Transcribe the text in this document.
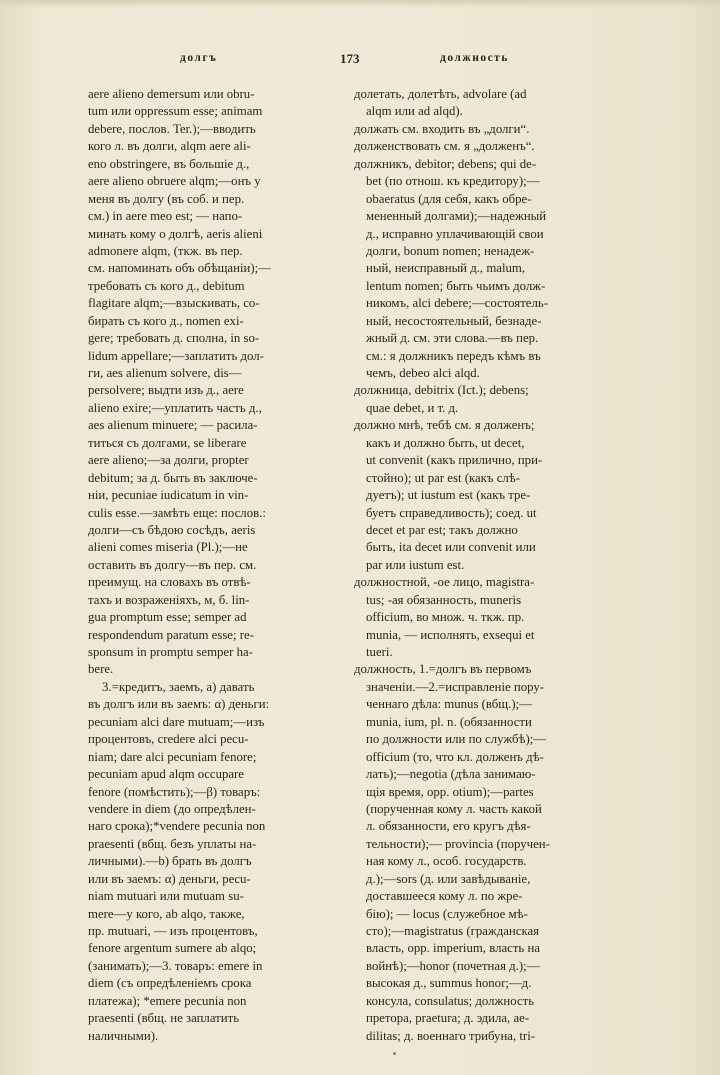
долгъ	173	должность
aere alieno demersum или obru-
tum или oppressum esse; animam
debere, послов. Ter.);—вводить
кого л. въ долги, alqm aere ali-
eno obstringere, въ большіе д.,
aere alieno obruere alqm;—онъ у
меня въ долгу (въ соб. и пер.
см.) in aere meo est; — напо-
минать кому о долгѣ, aeris alieni
admonere alqm, (ткж. въ пер.
см. напоминать объ обѣщаніи);—
требовать съ кого д., debitum
flagitare alqm;—взыскивать, со-
бирать съ кого д., nomen exi-
gere; требовать д. сполна, in so-
lidum appellare;—заплатить дол-
ги, aes alienum solvere, dis—
persolvere; выдти изъ д., aere
alieno exire;—уплатить часть д.,
aes alienum minuere; — расила-
титься съ долгами, se liberare
aere alieno;—за долги, propter
debitum; за д. быть въ заключе-
ніи, pecuniae iudicatum in vin-
culis esse.—замѣть еще: послов.:
долги—съ бѣдою сосѣдъ, aeris
alieni comes miseria (Pl.);—не
оставить въ долгу—въ пер. см.
преимущ. на словахъ въ отвѣ-
тахъ и возраженіяхъ, м, б. lin-
gua promptum esse; semper ad
respondendum paratum esse; re-
sponsum in promptu semper ha-
bere.
3.=кредитъ, заемъ, a) давать
въ долгъ или въ заемъ: α) деньги:
pecuniam alci dare mutuam;—изъ
процентовъ, credere alci pecu-
niam; dare alci pecuniam fenore;
pecuniam apud alqm occupare
fenore (помѣстить);—β) товаръ:
vendere in diem (до опредѣлен-
наго срока);*vendere pecunia non
praesenti (вбщ. безъ уплаты на-
личными).—b) брать въ долгъ
или въ заемъ: α) деньги, pecu-
niam mutuari или mutuam su-
mere—у кого, ab alqo, также,
пр. mutuari, — изъ процентовъ,
fenore argentum sumere ab alqo;
(занимать);—3. товаръ: emere in
diem (съ опредѣленіемъ срока
платежа); *emere pecunia non
praesenti (вбщ. не заплатить
наличными).
долетать, долетѣть, advolare (ad
alqm или ad alqd).
должать см. входить въ „долги“.
долженствовать см. я „долженъ“.
должникъ, debitor; debens; qui de-
bet (по отнош. къ кредитору);—
obaeratus (для себя, какъ обре-
мененный долгами);—надежный
д., исправно уплачивающій свои
долги, bonum nomen; ненадеж-
ный, неисправный д., malum,
lentum nomen; быть чьимъ долж-
никомъ, alci debere;—состоятель-
ный, несостоятельный, безнаде-
жный д. см. эти слова.—въ пер.
см.: я должникъ передъ кѣмъ въ
чемъ, debeo alci alqd.
должница, debitrix (Ict.); debens;
quae debet, и т. д.
должно мнѣ, тебѣ см. я долженъ;
какъ и должно быть, ut decet,
ut convenit (какъ прилично, при-
стойно); ut par est (какъ слѣ-
дуетъ); ut iustum est (какъ тре-
буетъ справедливость); соед. ut
decet et par est; такъ должно
быть, ita decet или convenit или
par или iustum est.
должностной, -ое лицо, magistra-
tus; -ая обязанность, muneris
officium, во множ. ч. ткж. пр.
munia, — исполнять, exsequi et
tueri.
должность, 1.=долгъ въ первомъ
значеніи.—2.=исправленіе пору-
ченнаго дѣла: munus (вбщ.);—
munia, ium, pl. n. (обязанности
по должности или по службѣ);—
officium (то, что кл. долженъ дѣ-
лать);—negotia (дѣла занимаю-
щія время, орр. otium);—partes
(порученная кому л. часть какой
л. обязанности, его кругъ дѣя-
тельности);— provincia (поручен-
ная кому л., особ. государств.
д.);—sors (д. или завѣдываніе,
доставшееся кому л. по жре-
бію); — locus (служебное мѣ-
сто);—magistratus (гражданская
власть, орр. imperium, власть на
войнѣ);—honor (почетная д.);—
высокая д., summus honor;—д.
консула, consulatus; должность
претора, praetura; д. эдила, ae-
dilitas; д. военнаго трибуна, tri-
